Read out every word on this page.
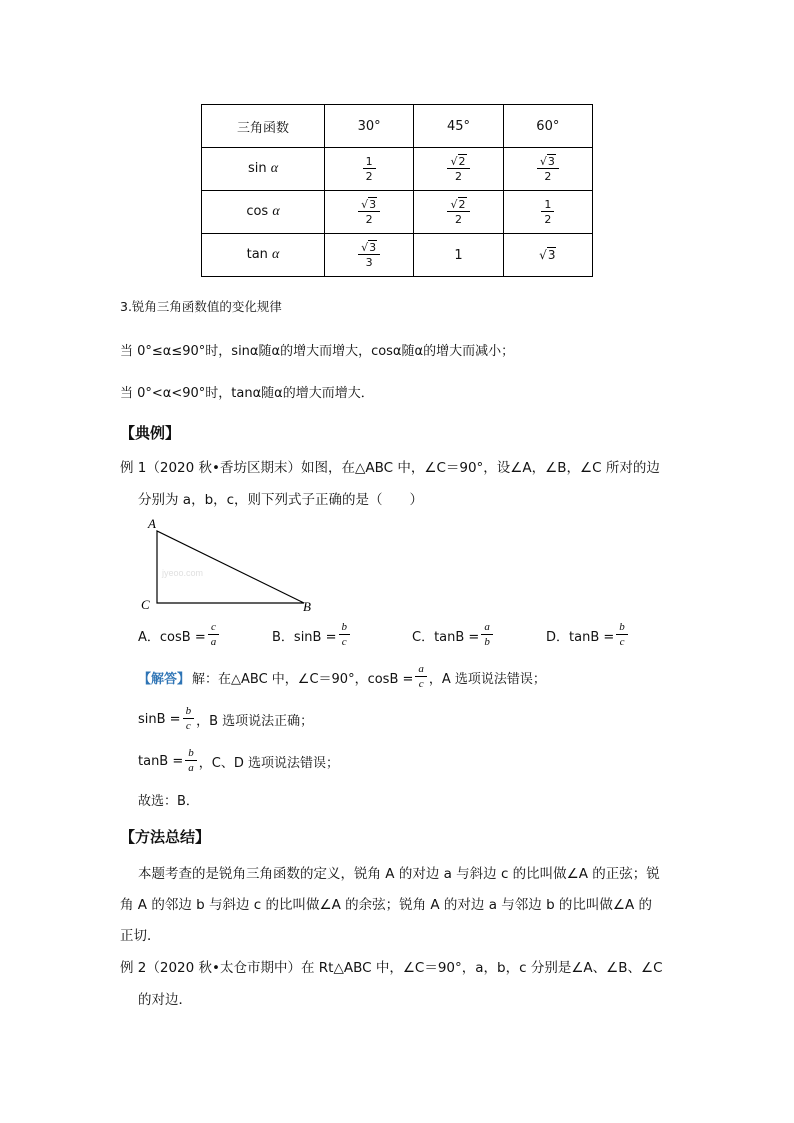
三角函数	30°	45°	60°
sin α	$\frac{1}{2}$	$\frac{√2}{2}$	$\frac{√3}{2}$

cos α	$\frac{√3}{2}$	$\frac{√2}{2}$	$\frac{1}{2}$

tan α	$\frac{√3}{3}$	1	√3
3.锐角三角函数值的变化规律
当 0°≤α≤90°时，sinα随α的增大而增大，cosα随α的增大而减小；
当 0°<α<90°时，tanα随α的增大而增大．
【典例】
例 1（2020 秋•香坊区期末）如图，在△ABC 中，∠C＝90°，设∠A，∠B，∠C 所对的边
分别为 a，b，c，则下列式子正确的是（　　）
A
C	B
jyeoo.com
A．$\cos B = \frac{c}{a}$	B．$\sin B = \frac{b}{c}$	C．$\tan B = \frac{a}{b}$	D．$\tan B = \frac{b}{c}$
【解答】 解：在△ABC 中，∠C＝90°，$\cos B = \frac{a}{c}$ ，A 选项说法错误；
$\sin B = \frac{b}{c}$ ，B 选项说法正确；
$\tan B = \frac{b}{a}$ ，C、D 选项说法错误；
故选：B．
【方法总结】
本题考查的是锐角三角函数的定义，锐角 A 的对边 a 与斜边 c 的比叫做∠A 的正弦；锐
角 A 的邻边 b 与斜边 c 的比叫做∠A 的余弦；锐角 A 的对边 a 与邻边 b 的比叫做∠A 的
正切．
例 2（2020 秋•太仓市期中）在 Rt△ABC 中，∠C＝90°，a，b，c 分别是∠A、∠B、∠C
的对边．
